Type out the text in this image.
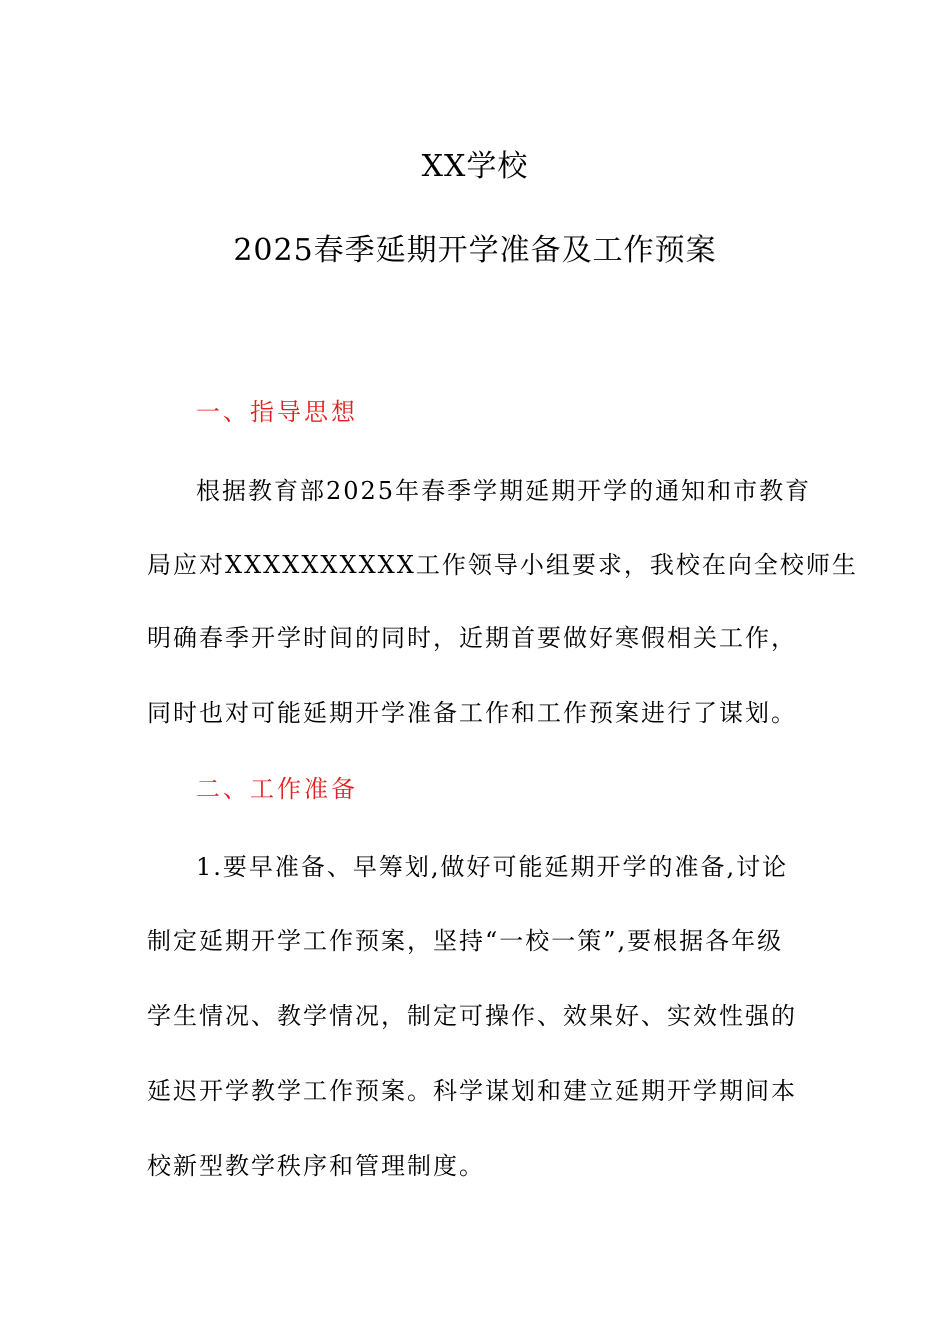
XX学校
2025春季延期开学准备及工作预案
一、指导思想
根据教育部2025年春季学期延期开学的通知和市教育
局应对XXXXXXXXXX工作领导小组要求，我校在向全校师生
明确春季开学时间的同时，近期首要做好寒假相关工作，
同时也对可能延期开学准备工作和工作预案进行了谋划。
二、工作准备
1.要早准备、早筹划,做好可能延期开学的准备,讨论
制定延期开学工作预案，坚持“一校一策”,要根据各年级
学生情况、教学情况，制定可操作、效果好、实效性强的
延迟开学教学工作预案。科学谋划和建立延期开学期间本
校新型教学秩序和管理制度。
